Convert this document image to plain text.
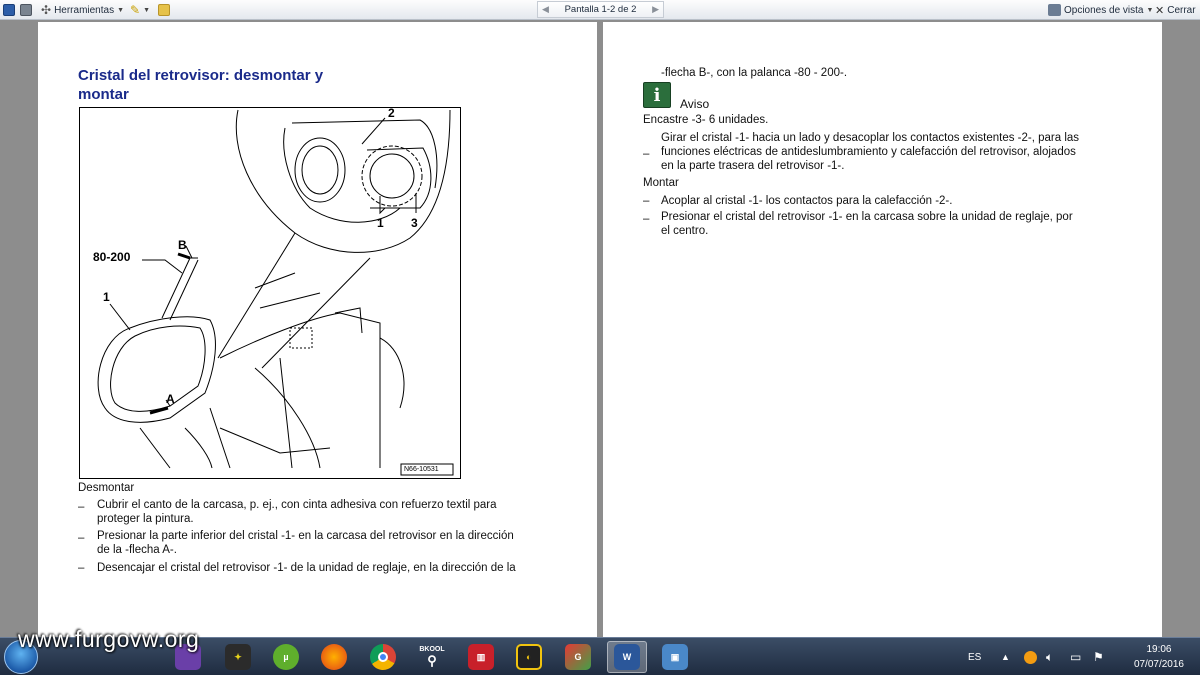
✣ Herramientas ▼ ✎ ▼	◀ Pantalla 1-2 de 2 ▶	Opciones de vista ▼ ✕ Cerrar
Cristal del retrovisor: desmontar y montar
2
1 3
B
80-200
1
A
N66-10531
Desmontar
– Cubrir el canto de la carcasa, p. ej., con cinta adhesiva con refuerzo textil para
proteger la pintura.
– Presionar la parte inferior del cristal -1- en la carcasa del retrovisor en la dirección
de la -flecha A-.
– Desencajar el cristal del retrovisor -1- de la unidad de reglaje, en la dirección de la
-flecha B-, con la palanca -80 - 200-.
i	Aviso
Encastre -3- 6 unidades.
–
Girar el cristal -1- hacia un lado y desacoplar los contactos existentes -2-, para las
funciones eléctricas de antideslumbramiento y calefacción del retrovisor, alojados
en la parte trasera del retrovisor -1-.
Montar
– Acoplar al cristal -1- los contactos para la calefacción -2-.
– Presionar el cristal del retrovisor -1- en la carcasa sobre la unidad de reglaje, por
el centro.
✦	µ
BKOOL
⚲	▥	◐	G	W	▣	ES ▲	🔈︎ ▭ ⚑
19:06
07/07/2016
www.furgovw.org
